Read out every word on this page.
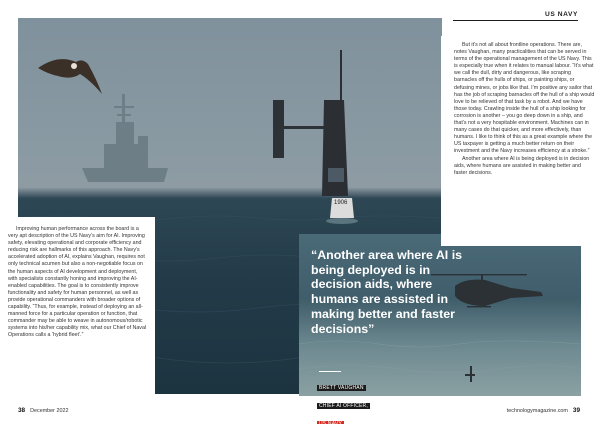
1906
US NAVY

Improving human performance across the board is a very apt description of the US Navy’s aim for AI. Improving safety, elevating operational and corporate efficiency and reducing risk are hallmarks of this approach. The Navy’s accelerated adoption of AI, explains Vaughan, requires not only technical acumen but also a non-negotiable focus on the human aspects of AI development and deployment, with specialists constantly honing and improving the AI-enabled capabilities. The goal is to consistently improve functionality and safety for human personnel, as well as provide operational commanders with broader options of capability. “Thus, for example, instead of deploying an all-manned force for a particular operation or function, that commander may be able to weave in autonomous/robotic systems into his/her capability mix, what our Chief of Naval Operations calls a ‘hybrid fleet’.”

But it’s not all about frontline operations. There are, notes Vaughan, many practicalities that can be served in terms of the operational management of the US Navy. This is especially true when it relates to manual labour. “It’s what we call the dull, dirty and dangerous, like scraping barnacles off the hulls of ships, or painting ships, or defusing mines, or jobs like that. I’m positive any sailor that has the job of scraping barnacles off the hull of a ship would love to be relieved of that task by a robot. And we have those today. Crawling inside the hull of a ship looking for corrosion is another – you go deep down in a ship, and that’s not a very hospitable environment. Machines can in many cases do that quicker, and more effectively, than humans. I like to think of this as a great example where the US taxpayer is getting a much better return on their investment and the Navy increases efficiency at a stroke.”

Another area where AI is being deployed is in decision aids, where humans are assisted in making better and faster decisions.

“Another area where AI is being deployed is in decision aids, where humans are assisted in making better and faster decisions”
BRETT VAUGHAN
CHIEF AI OFFICER,
US NAVY
38 December 2022	technologymagazine.com 39
